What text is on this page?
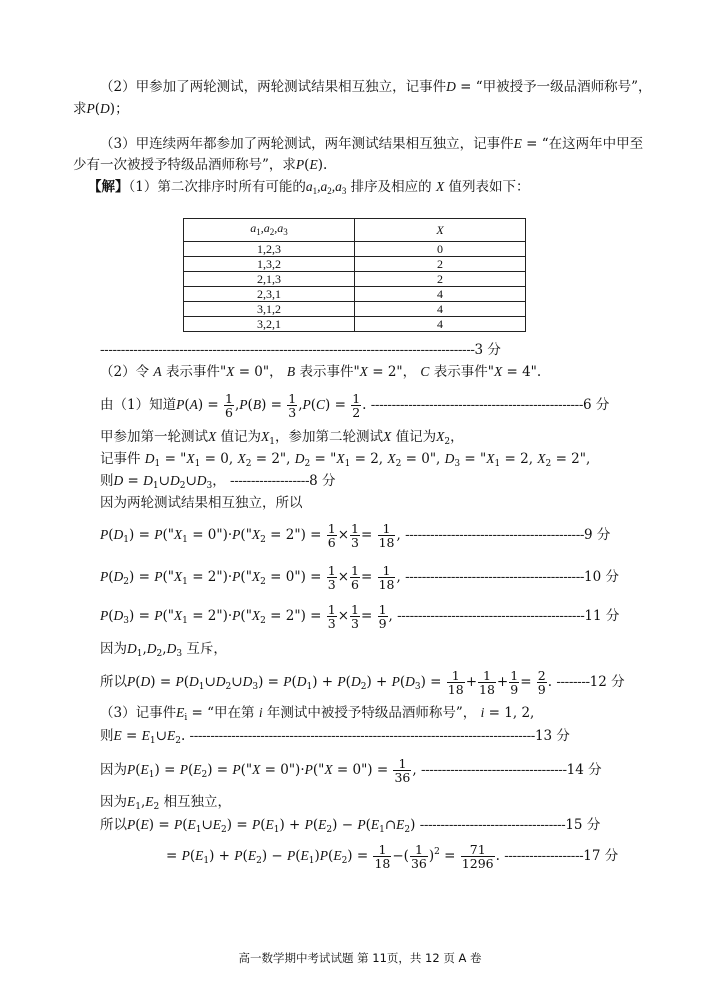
（2）甲参加了两轮测试，两轮测试结果相互独立，记事件D = “甲被授予一级品酒师称号”，
求P(D)；
（3）甲连续两年都参加了两轮测试，两年测试结果相互独立，记事件E = “在这两年中甲至
少有一次被授予特级品酒师称号”，求P(E).
【解】（1）第二次排序时所有可能的$a_1,a_2,a_3$ 排序及相应的 X 值列表如下：
$a_1,a_2,a_3$	X
1,2,3	0
1,3,2	2
2,1,3	2
2,3,1	4
3,1,2	4
3,2,1	4
------------------------------------------------------------------------------------------3 分
（2）令 A 表示事件"X = 0"， B 表示事件"X = 2"， C 表示事件"X = 4".
由（1）知道$P(A) = \frac{1}{6} ,P(B) = \frac{1}{3} ,P(C) = \frac{1}{2}$ . ---------------------------------------------------6 分
甲参加第一轮测试X 值记为$X_1$，参加第二轮测试X 值记为$X_2$，
记事件 $D_1$ = "$X_1 = 0$, $X_2 = 2$", $D_2$ = "$X_1 = 2$, $X_2 = 0$", $D_3$ = "$X_1 = 2$, $X_2 = 2$",
则$D = D_1\cup D_2\cup D_3$， -------------------8 分
因为两轮测试结果相互独立，所以
$P(D_1)$ = $P("X_1$ = $0")\cdot P("X_2$ = 2") = $\frac{1}{6} \times \frac{1}{3} = \frac{1}{18}$ , -------------------------------------------9 分
$P(D_2)$ = $P("X_1$ = $2")\cdot P("X_2$ = 0") = $\frac{1}{3} \times \frac{1}{6} = \frac{1}{18}$ , -------------------------------------------10 分
$P(D_3)$ = $P("X_1$ = $2")\cdot P("X_2$ = 2") = $\frac{1}{3} \times \frac{1}{3} = \frac{1}{9}$ , ---------------------------------------------11 分
因为$D_1,D_2,D_3$ 互斥，
所以$P(D) = P(D_1\cup D_2\cup D_3) = P(D_1) + P(D_2) + P(D_3) = \frac{1}{18} + \frac{1}{18} + \frac{1}{9} = \frac{2}{9}$ . --------12 分
（3）记事件$E_i$ = “甲在第 i 年测试中被授予特级品酒师称号”， i = 1, 2,
则$E = E_1\cup E_2$. -----------------------------------------------------------------------------------13 分
因为$P(E_1) = P(E_2)$ = P("X = 0")·P("X = 0") = $\frac{1}{36}$ , -----------------------------------14 分
因为$E_1,E_2$ 相互独立，
所以$P(E) = P(E_1\cup E_2) = P(E_1) + P(E_2)$ − $P(E_1\cap E_2)$ -----------------------------------15 分
= $P(E_1) + P(E_2) - P(E_1)P(E_2) = \frac{1}{18}$ −( $\frac{1}{36} )^2 = \frac{71}{1296}$ . -------------------17 分
高一数学期中考试试题 第 11页，共 12 页 A 卷
